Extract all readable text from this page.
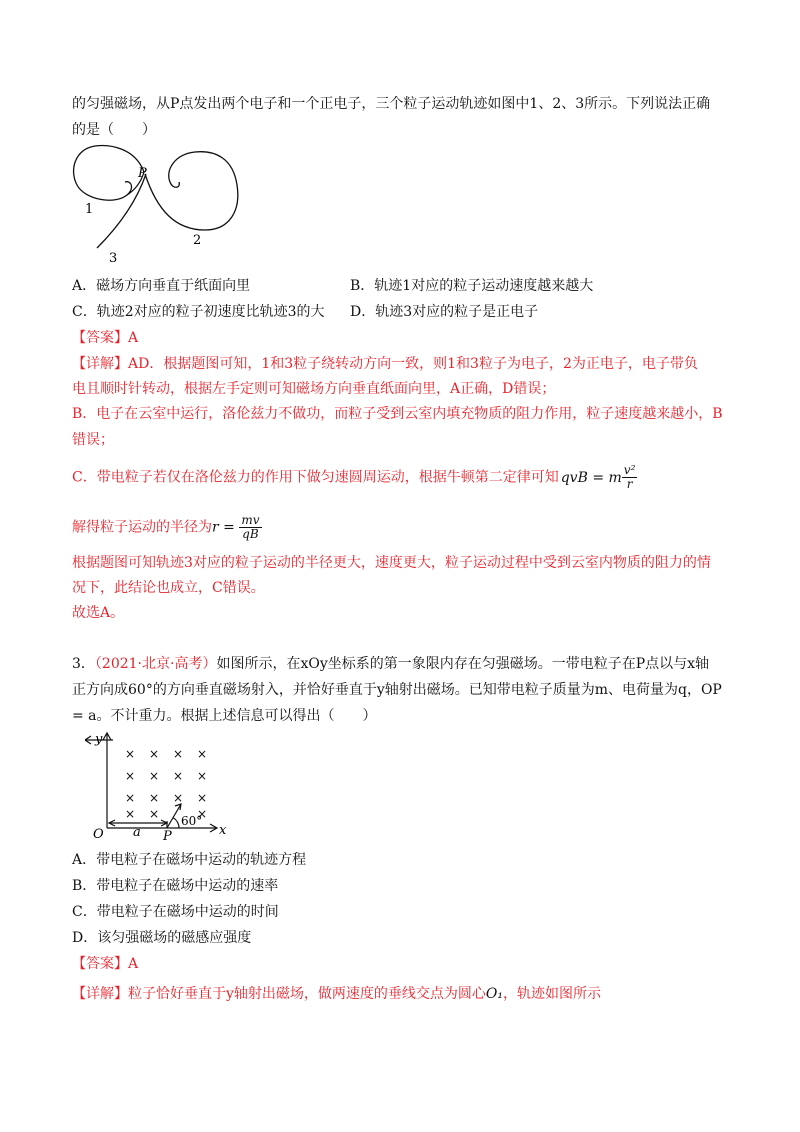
的匀强磁场，从P点发出两个电子和一个正电子，三个粒子运动轨迹如图中1、2、3所示。下列说法正确
的是（　　）
P
1
2
3
A．磁场方向垂直于纸面向里	B．轨迹1对应的粒子运动速度越来越大
C．轨迹2对应的粒子初速度比轨迹3的大 D．轨迹3对应的粒子是正电子
【答案】A
【详解】AD．根据题图可知，1和3粒子绕转动方向一致，则1和3粒子为电子，2为正电子，电子带负
电且顺时针转动，根据左手定则可知磁场方向垂直纸面向里，A正确，D错误；
B．电子在云室中运行，洛伦兹力不做功，而粒子受到云室内填充物质的阻力作用，粒子速度越来越小，B
错误；
C．带电粒子若仅在洛伦兹力的作用下做匀速圆周运动，根据牛顿第二定律可知 qvB = m $\frac{\text{v²}}{r}$
解得粒子运动的半径为$r = \frac{mv}{qB}$
根据题图可知轨迹3对应的粒子运动的半径更大，速度更大，粒子运动过程中受到云室内物质的阻力的情
况下，此结论也成立，C错误。
故选A。
3．（2021·北京·高考）如图所示，在xOy坐标系的第一象限内存在匀强磁场。一带电粒子在P点以与x轴
正方向成60°的方向垂直磁场射入，并恰好垂直于y轴射出磁场。已知带电粒子质量为m、电荷量为q，OP
= a。不计重力。根据上述信息可以得出（　　）
× × × ×
× × × ×
× × × ×
× ×	×
y
x
O a P
60°
A．带电粒子在磁场中运动的轨迹方程
B．带电粒子在磁场中运动的速率
C．带电粒子在磁场中运动的时间
D．该匀强磁场的磁感应强度
【答案】A
【详解】粒子恰好垂直于y轴射出磁场，做两速度的垂线交点为圆心O₁，轨迹如图所示
